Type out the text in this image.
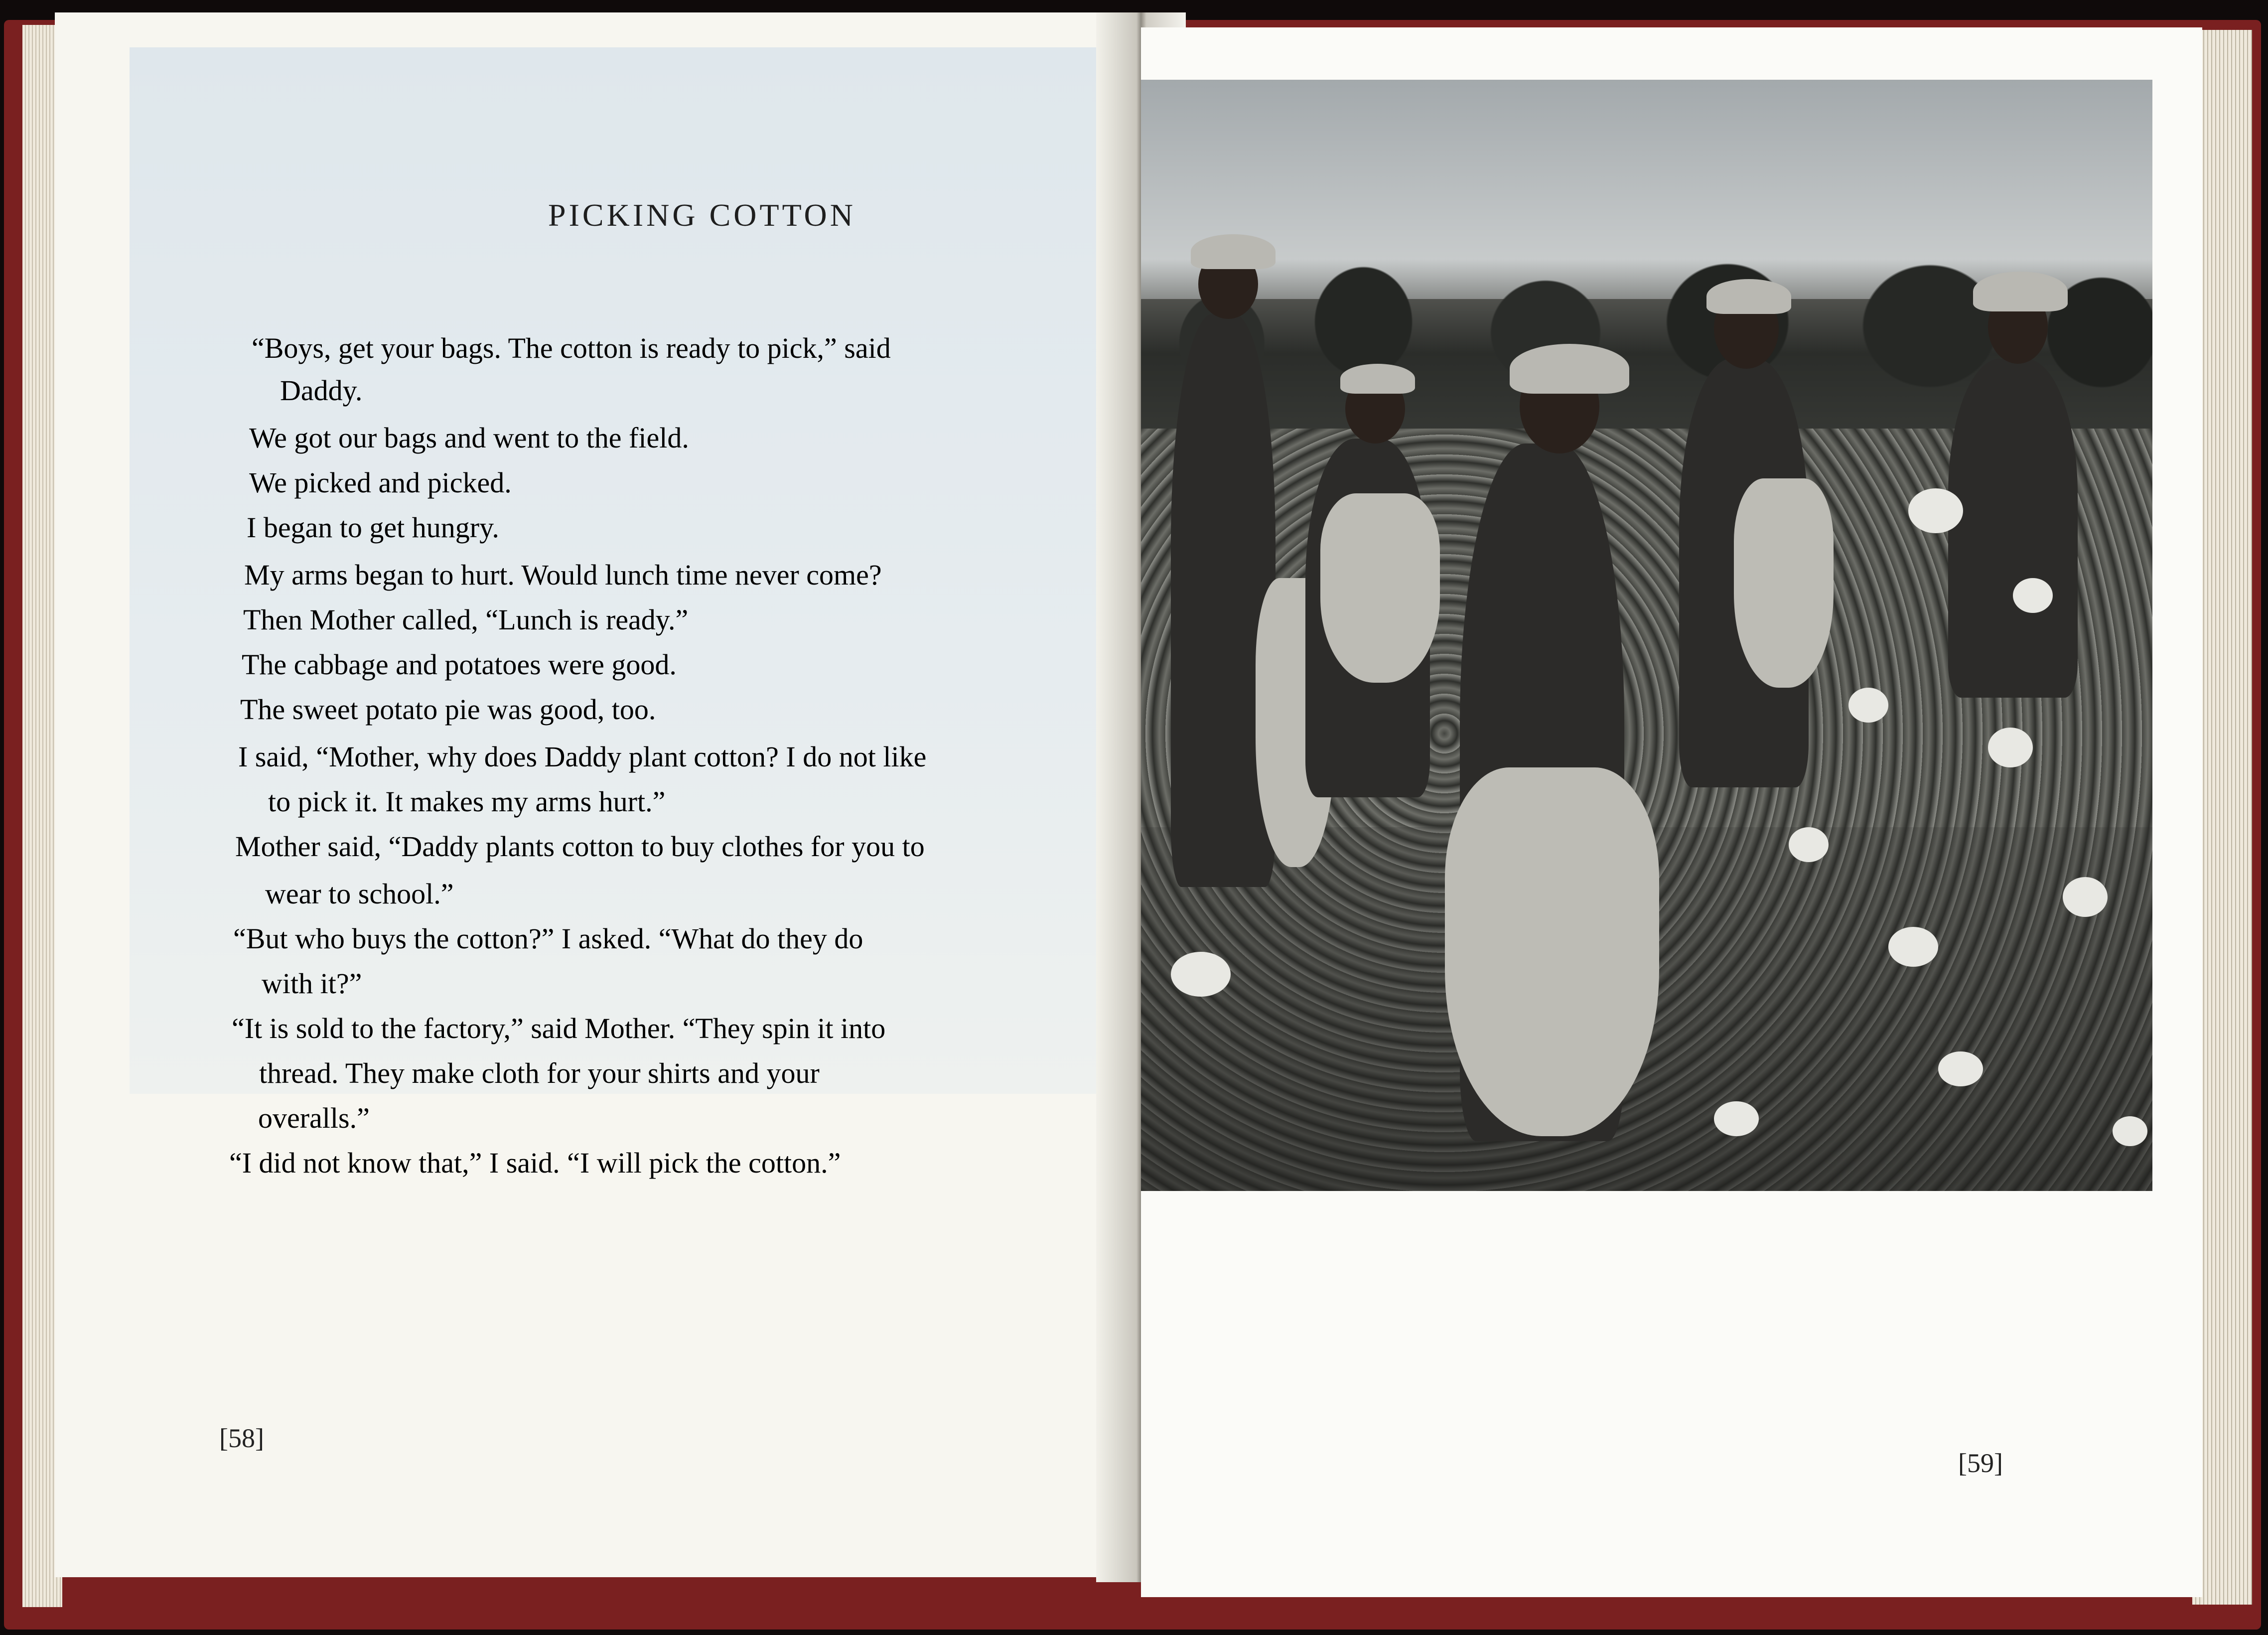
PICKING COTTON
“Boys, get your bags. The cotton is ready to pick,” said
Daddy.
We got our bags and went to the field.
We picked and picked.
I began to get hungry.
My arms began to hurt. Would lunch time never come?
Then Mother called, “Lunch is ready.”
The cabbage and potatoes were good.
The sweet potato pie was good, too.
I said, “Mother, why does Daddy plant cotton? I do not like
to pick it. It makes my arms hurt.”
Mother said, “Daddy plants cotton to buy clothes for you to
wear to school.”
“But who buys the cotton?” I asked. “What do they do
with it?”
“It is sold to the factory,” said Mother. “They spin it into
thread. They make cloth for your shirts and your
overalls.”
“I did not know that,” I said. “I will pick the cotton.”
[58]
[59]
